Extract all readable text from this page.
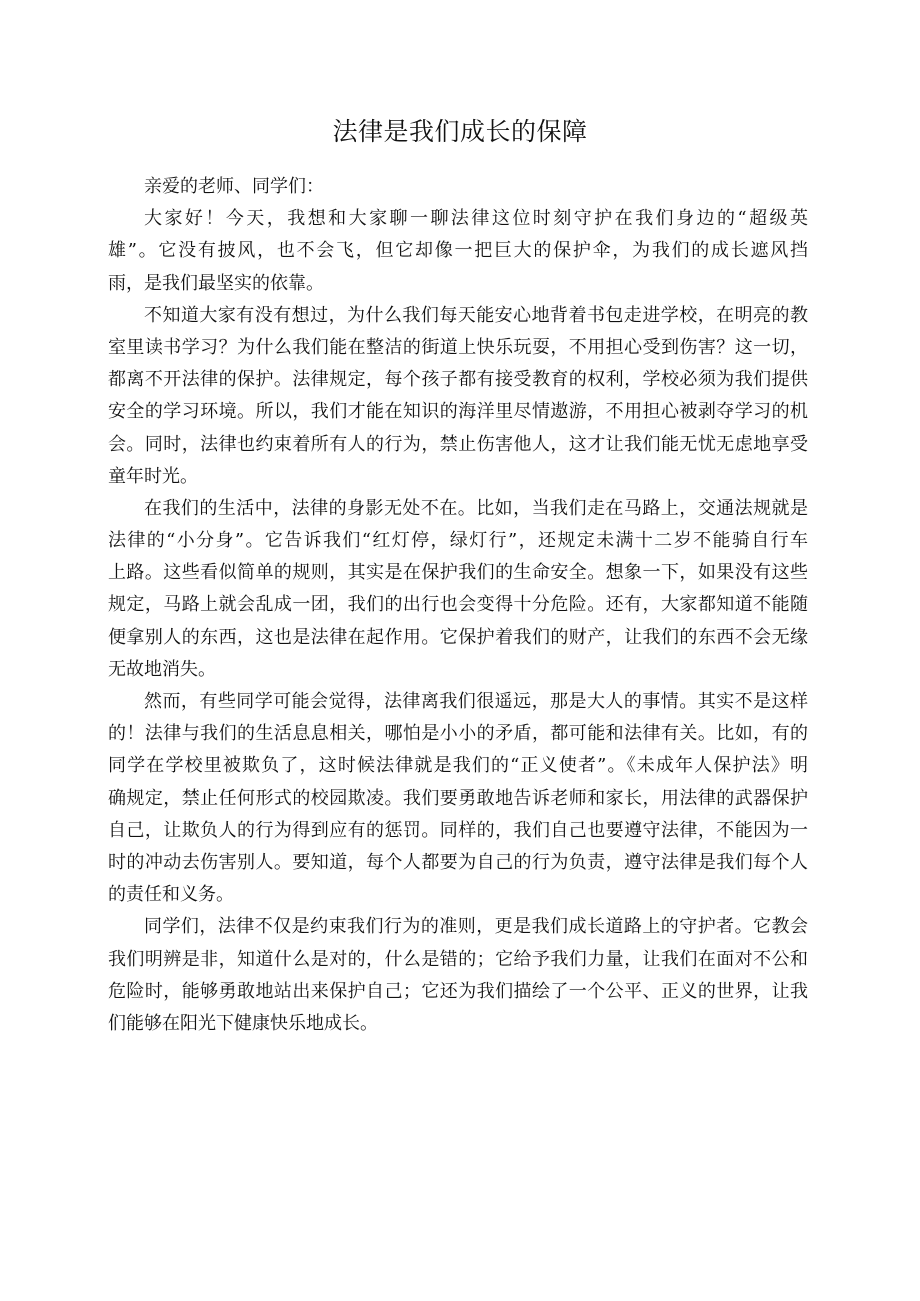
法律是我们成长的保障
亲爱的老师、同学们：
大家好！今天，我想和大家聊一聊法律这位时刻守护在我们身边的“超级英
雄”。它没有披风，也不会飞，但它却像一把巨大的保护伞，为我们的成长遮风挡
雨，是我们最坚实的依靠。
不知道大家有没有想过，为什么我们每天能安心地背着书包走进学校，在明亮的教
室里读书学习？为什么我们能在整洁的街道上快乐玩耍，不用担心受到伤害？这一切，
都离不开法律的保护。法律规定，每个孩子都有接受教育的权利，学校必须为我们提供
安全的学习环境。所以，我们才能在知识的海洋里尽情遨游，不用担心被剥夺学习的机
会。同时，法律也约束着所有人的行为，禁止伤害他人，这才让我们能无忧无虑地享受
童年时光。
在我们的生活中，法律的身影无处不在。比如，当我们走在马路上，交通法规就是
法律的“小分身”。它告诉我们“红灯停，绿灯行”，还规定未满十二岁不能骑自行车
上路。这些看似简单的规则，其实是在保护我们的生命安全。想象一下，如果没有这些
规定，马路上就会乱成一团，我们的出行也会变得十分危险。还有，大家都知道不能随
便拿别人的东西，这也是法律在起作用。它保护着我们的财产，让我们的东西不会无缘
无故地消失。
然而，有些同学可能会觉得，法律离我们很遥远，那是大人的事情。其实不是这样
的！法律与我们的生活息息相关，哪怕是小小的矛盾，都可能和法律有关。比如，有的
同学在学校里被欺负了，这时候法律就是我们的“正义使者”。《未成年人保护法》明
确规定，禁止任何形式的校园欺凌。我们要勇敢地告诉老师和家长，用法律的武器保护
自己，让欺负人的行为得到应有的惩罚。同样的，我们自己也要遵守法律，不能因为一
时的冲动去伤害别人。要知道，每个人都要为自己的行为负责，遵守法律是我们每个人
的责任和义务。
同学们，法律不仅是约束我们行为的准则，更是我们成长道路上的守护者。它教会
我们明辨是非，知道什么是对的，什么是错的；它给予我们力量，让我们在面对不公和
危险时，能够勇敢地站出来保护自己；它还为我们描绘了一个公平、正义的世界，让我
们能够在阳光下健康快乐地成长。
